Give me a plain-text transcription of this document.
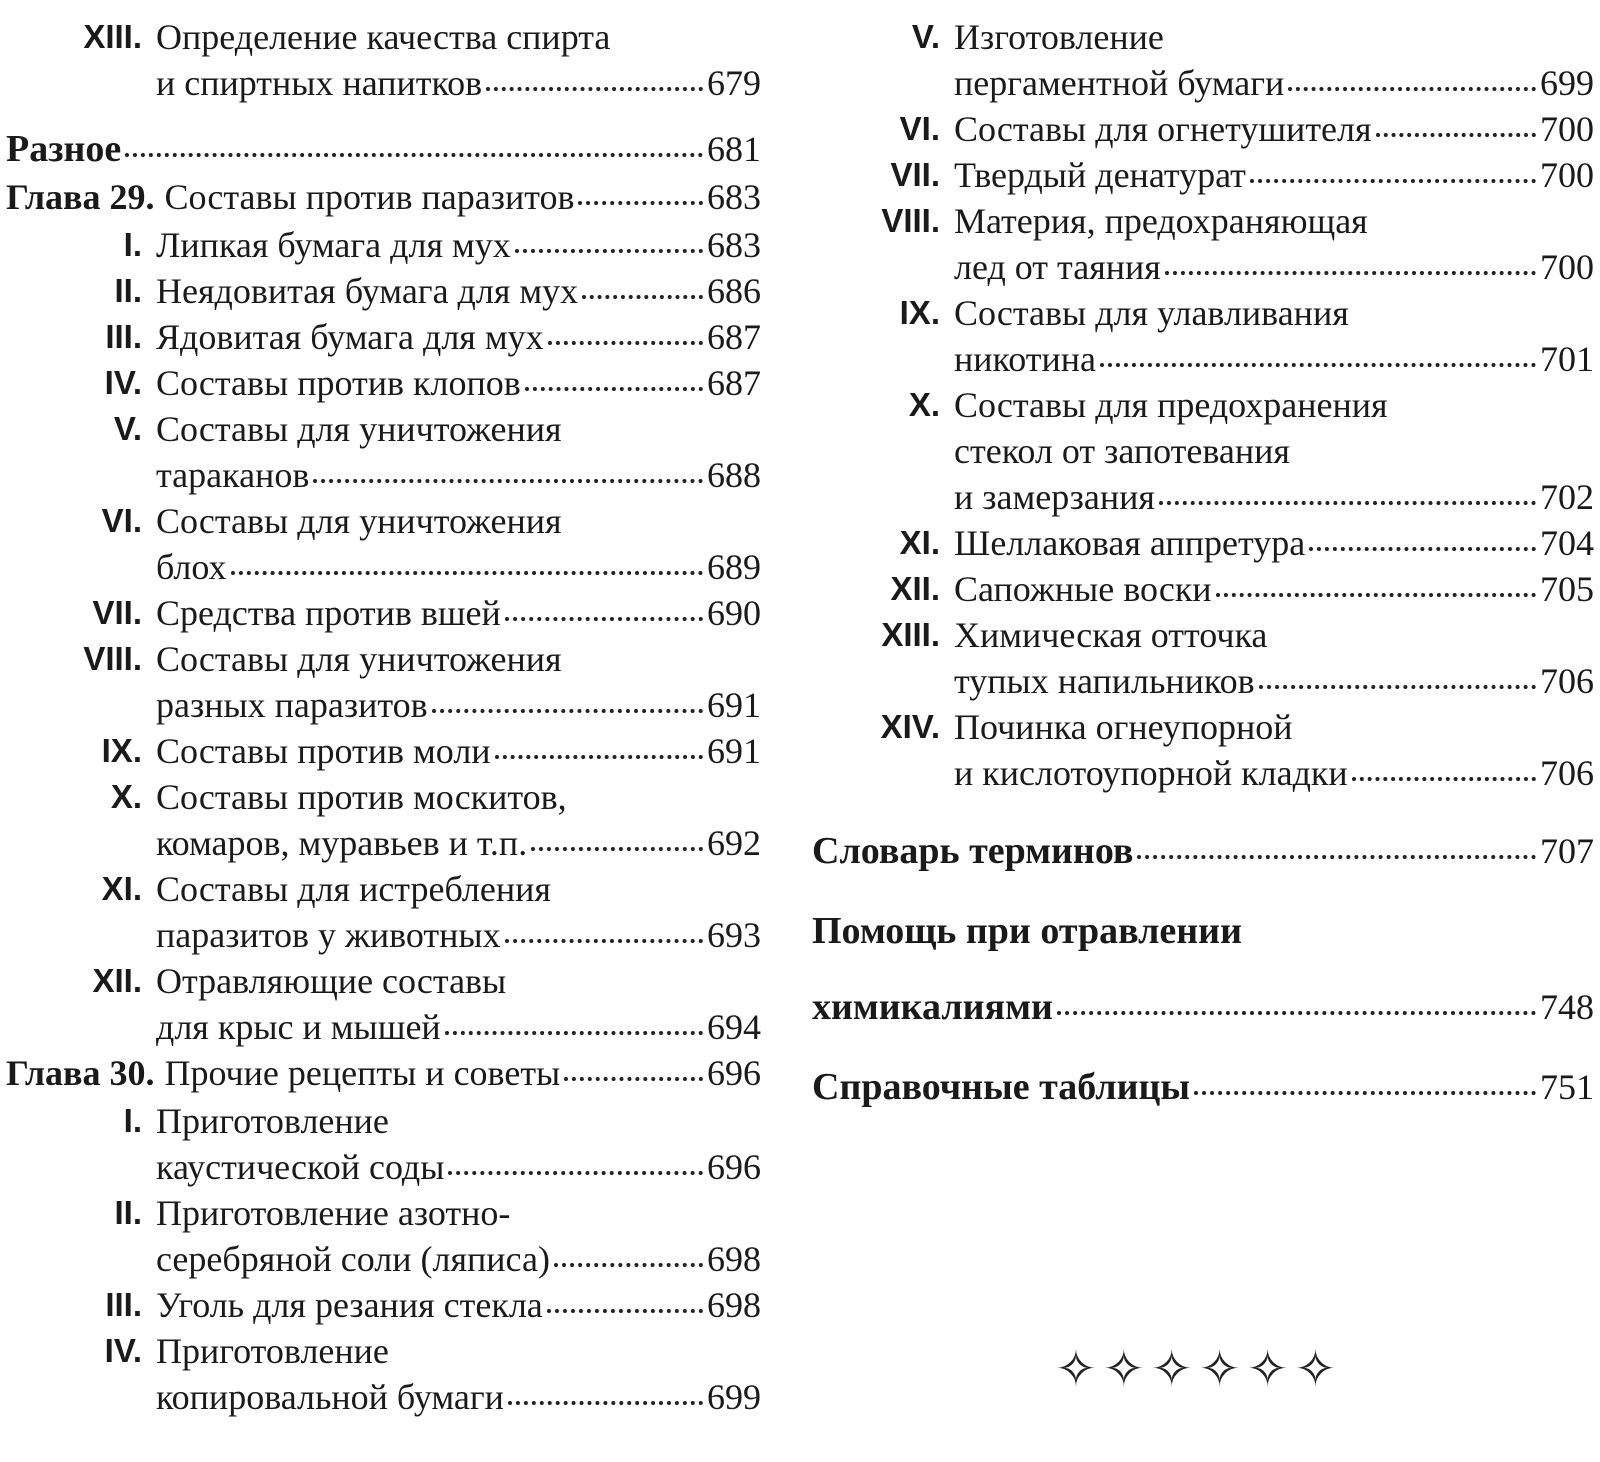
XIII. Определение качества спирта
и спиртных напитков	679
Разное	681
Глава 29. Составы против паразитов	683
I. Липкая бумага для мух	683
II. Неядовитая бумага для мух	686
III. Ядовитая бумага для мух	687
IV. Составы против клопов	687
V. Составы для уничтожения
тараканов	688
VI. Составы для уничтожения
блох	689
VII. Средства против вшей	690
VIII. Составы для уничтожения
разных паразитов	691
IX. Составы против моли	691
X. Составы против москитов,
комаров, муравьев и т.п.	692
XI. Составы для истребления
паразитов у животных	693
XII. Отравляющие составы
для крыс и мышей	694
Глава 30. Прочие рецепты и советы	696
I. Приготовление
каустической соды	696
II. Приготовление азотно-
серебряной соли (ляписа)	698
III. Уголь для резания стекла	698
IV. Приготовление
копировальной бумаги	699
V. Изготовление
пергаментной бумаги	699
VI. Составы для огнетушителя	700
VII. Твердый денатурат	700
VIII. Материя, предохраняющая
лед от таяния	700
IX. Составы для улавливания
никотина	701
X. Составы для предохранения
стекол от запотевания
и замерзания	702
XI. Шеллаковая аппретура	704
XII. Сапожные воски	705
XIII. Химическая отточка
тупых напильников	706
XIV. Починка огнеупорной
и кислотоупорной кладки	706
Словарь терминов	707
Помощь при отравлении
химикалиями	748
Справочные таблицы	751
✧✧✧✧✧✧
